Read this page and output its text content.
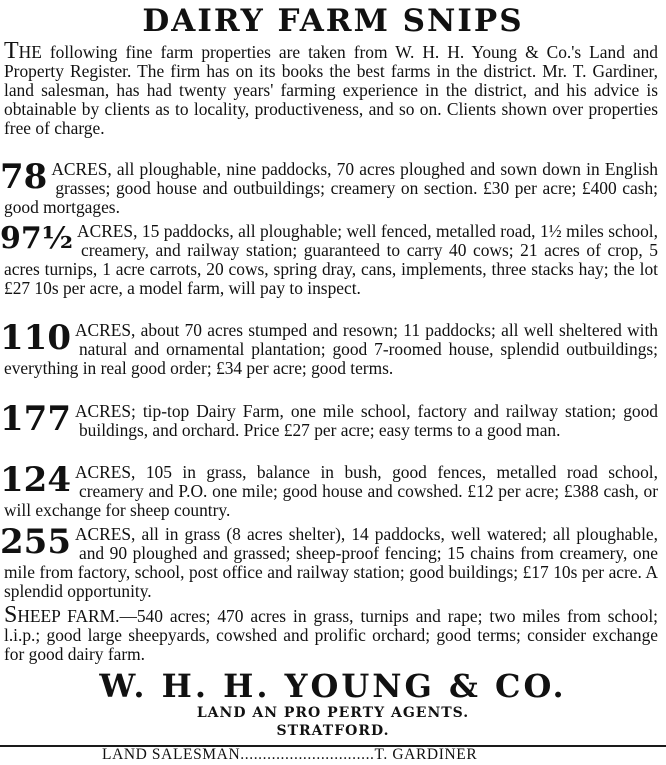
DAIRY FARM SNIPS
THE following fine farm properties are taken from W. H. H. Young & Co.'s Land and Property Register. The firm has on its books the best farms in the district. Mr. T. Gardiner, land salesman, has had twenty years' farming experience in the district, and his advice is obtainable by clients as to locality, productiveness, and so on. Clients shown over properties free of charge.
78 ACRES, all ploughable, nine paddocks, 70 acres ploughed and sown down in English grasses; good house and outbuildings; creamery on section. £30 per acre; £400 cash; good mortgages.
97½ ACRES, 15 paddocks, all ploughable; well fenced, metalled road, 1½ miles school, creamery, and railway station; guaranteed to carry 40 cows; 21 acres of crop, 5 acres turnips, 1 acre carrots, 20 cows, spring dray, cans, implements, three stacks hay; the lot £27 10s per acre, a model farm, will pay to inspect.
110 ACRES, about 70 acres stumped and resown; 11 paddocks; all well sheltered with natural and ornamental plantation; good 7-roomed house, splendid outbuildings; everything in real good order; £34 per acre; good terms.
177 ACRES; tip-top Dairy Farm, one mile school, factory and railway station; good buildings, and orchard. Price £27 per acre; easy terms to a good man.
124 ACRES, 105 in grass, balance in bush, good fences, metalled road school, creamery and P.O. one mile; good house and cowshed. £12 per acre; £388 cash, or will exchange for sheep country.
255 ACRES, all in grass (8 acres shelter), 14 paddocks, well watered; all ploughable, and 90 ploughed and grassed; sheep-proof fencing; 15 chains from creamery, one mile from factory, school, post office and railway station; good buildings; £17 10s per acre. A splendid opportunity.
SHEEP FARM.—540 acres; 470 acres in grass, turnips and rape; two miles from school; l.i.p.; good large sheepyards, cowshed and prolific orchard; good terms; consider exchange for good dairy farm.
W. H. H. YOUNG & CO.
LAND AN PRO PERTY AGENTS.
STRATFORD.
LAND SALESMAN..............................T. GARDINER
